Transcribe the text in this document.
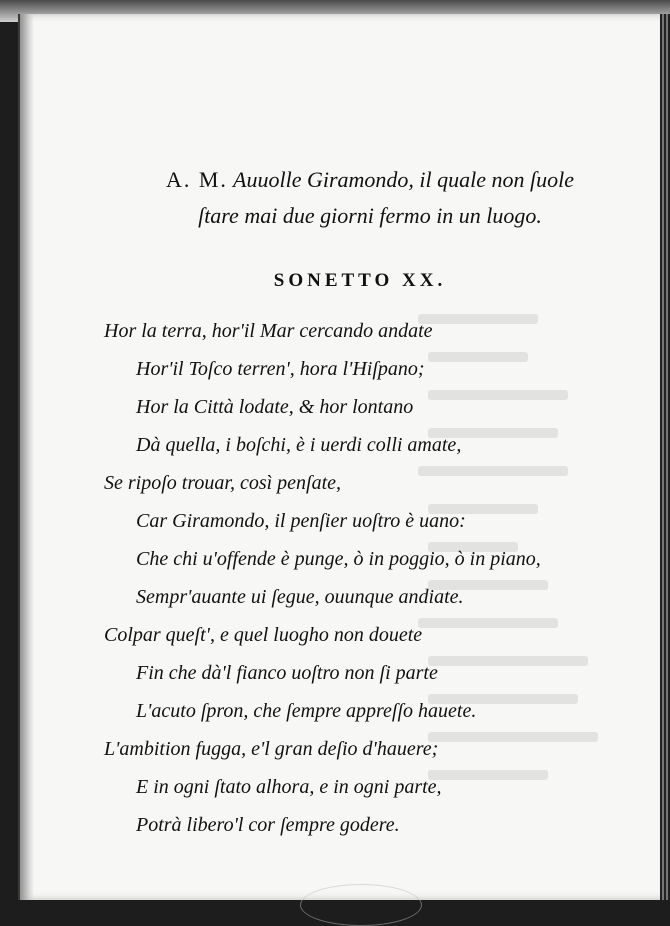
A. M. Auuolle Giramondo, il quale non ſuole
ſtare mai due giorni fermo in un luogo.
SONETTO XX.
Hor la terra, hor'il Mar cercando andate
Hor'il Toſco terren', hora l'Hiſpano;
Hor la Città lodate, & hor lontano
Dà quella, i boſchi, è i uerdi colli amate,
Se ripoſo trouar, così penſate,
Car Giramondo, il penſier uoſtro è uano:
Che chi u'offende è punge, ò in poggio, ò in piano,
Sempr'auante ui ſegue, ouunque andiate.
Colpar queſt', e quel luogho non douete
Fin che dà'l fianco uoſtro non ſi parte
L'acuto ſpron, che ſempre appreſſo hauete.
L'ambition fugga, e'l gran deſio d'hauere;
E in ogni ſtato alhora, e in ogni parte,
Potrà libero'l cor ſempre godere.
